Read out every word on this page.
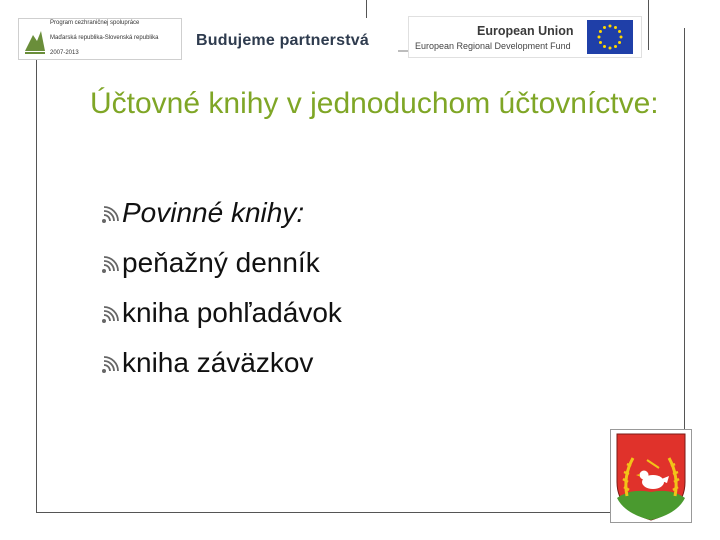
Program cezhraničnej spolupráce

Maďarská republika-Slovenská republika

2007-2013

Budujeme partnerstvá
European Union
European Regional Development Fund
Účtovné knihy v jednoduchom účtovníctve:
Povinné knihy:
peňažný denník
kniha pohľadávok
kniha záväzkov
